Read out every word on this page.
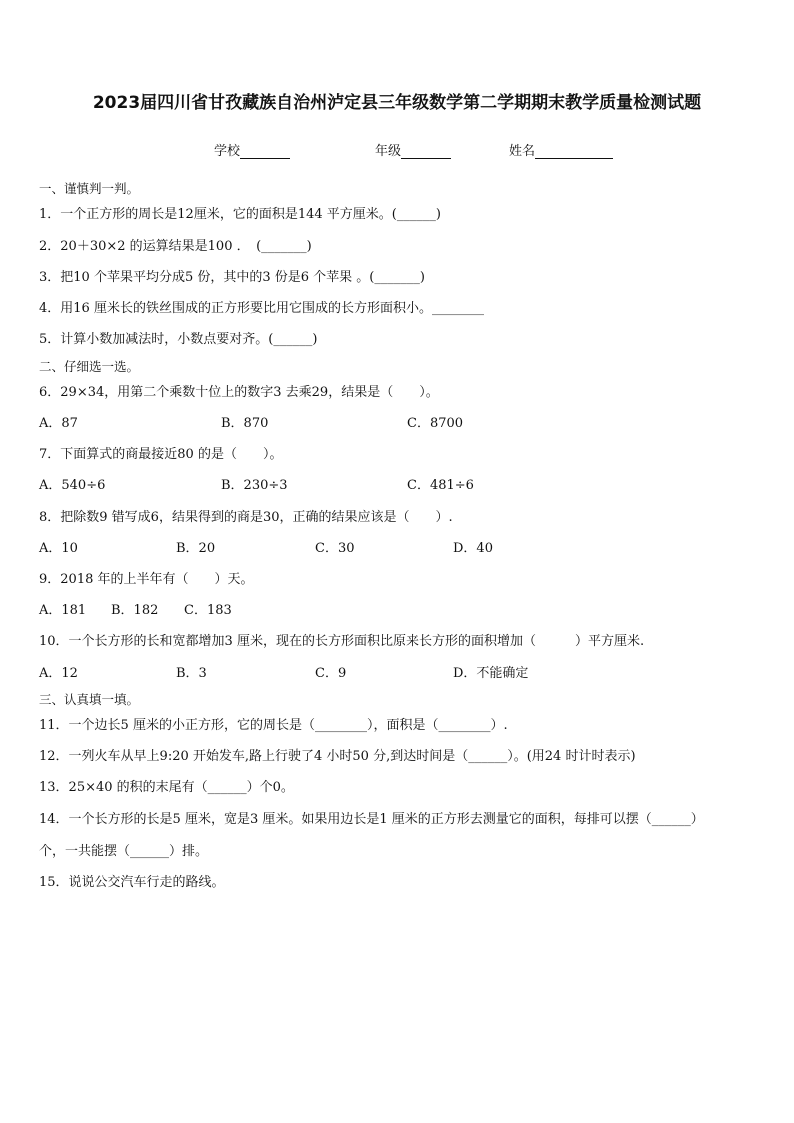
2023届四川省甘孜藏族自治州泸定县三年级数学第二学期期末教学质量检测试题
学校	年级	姓名
一、谨慎判一判。
1．一个正方形的周长是12厘米，它的面积是144 平方厘米。(______)
2．20＋30×2 的运算结果是100 ．　(_______)
3．把10 个苹果平均分成5 份，其中的3 份是6 个苹果 。(_______)
4．用16 厘米长的铁丝围成的正方形要比用它围成的长方形面积小。________
5．计算小数加减法时，小数点要对齐。(______)
二、仔细选一选。
6．29×34，用第二个乘数十位上的数字3 去乘29，结果是（　　）。
A．87	B．870	C．8700
7．下面算式的商最接近80 的是（　　）。
A．540÷6	B．230÷3	C．481÷6
8．把除数9 错写成6，结果得到的商是30，正确的结果应该是（　　）.
A．10	B．20	C．30	D．40
9．2018 年的上半年有（　　）天。
A．181 B．182 C．183
10．一个长方形的长和宽都增加3 厘米，现在的长方形面积比原来长方形的面积增加（　　　）平方厘米.
A．12	B．3	C．9	D．不能确定
三、认真填一填。
11．一个边长5 厘米的小正方形，它的周长是（________），面积是（________）.
12．一列火车从早上9:20 开始发车,路上行驶了4 小时50 分,到达时间是（______）。(用24 时计时表示)
13．25×40 的积的末尾有（______）个0。
14．一个长方形的长是5 厘米，宽是3 厘米。如果用边长是1 厘米的正方形去测量它的面积，每排可以摆（______）
个，一共能摆（______）排。
15．说说公交汽车行走的路线。
